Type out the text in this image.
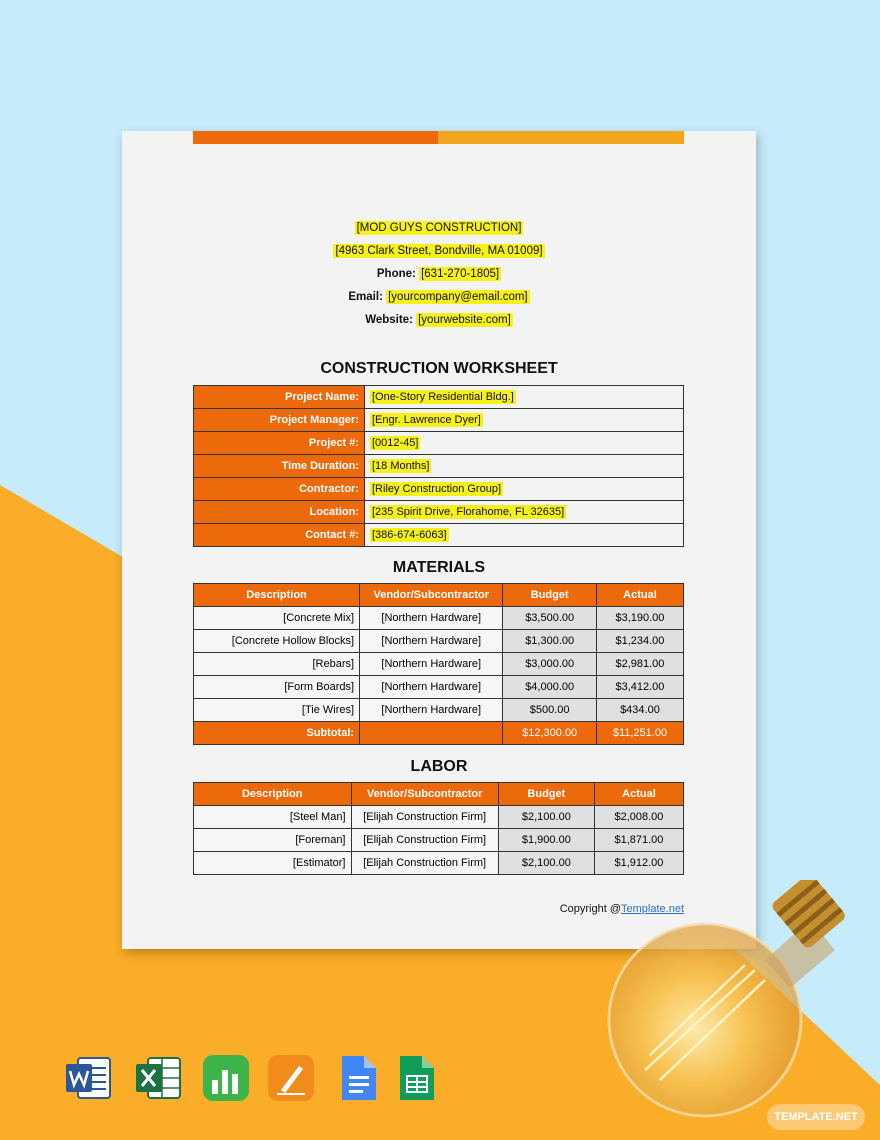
[MOD GUYS CONSTRUCTION]
[4963 Clark Street, Bondville, MA 01009]
Phone: [631-270-1805]
Email: [yourcompany@email.com]
Website: [yourwebsite.com]
CONSTRUCTION WORKSHEET
Project Name:	[One-Story Residential Bldg.]
Project Manager:	[Engr. Lawrence Dyer]
Project #:	[0012-45]
Time Duration:	[18 Months]
Contractor:	[Riley Construction Group]
Location:	[235 Spirit Drive, Florahome, FL 32635]
Contact #:	[386-674-6063]
MATERIALS
Description	Vendor/Subcontractor	Budget	Actual
[Concrete Mix]	[Northern Hardware]	$3,500.00	$3,190.00
[Concrete Hollow Blocks]	[Northern Hardware]	$1,300.00	$1,234.00
[Rebars]	[Northern Hardware]	$3,000.00	$2,981.00
[Form Boards]	[Northern Hardware]	$4,000.00	$3,412.00
[Tie Wires]	[Northern Hardware]	$500.00	$434.00
Subtotal:		$12,300.00	$11,251.00
LABOR
Description	Vendor/Subcontractor	Budget	Actual
[Steel Man]	[Elijah Construction Firm]	$2,100.00	$2,008.00
[Foreman]	[Elijah Construction Firm]	$1,900.00	$1,871.00
[Estimator]	[Elijah Construction Firm]	$2,100.00	$1,912.00
Copyright @Template.net
TEMPLATE.NET
